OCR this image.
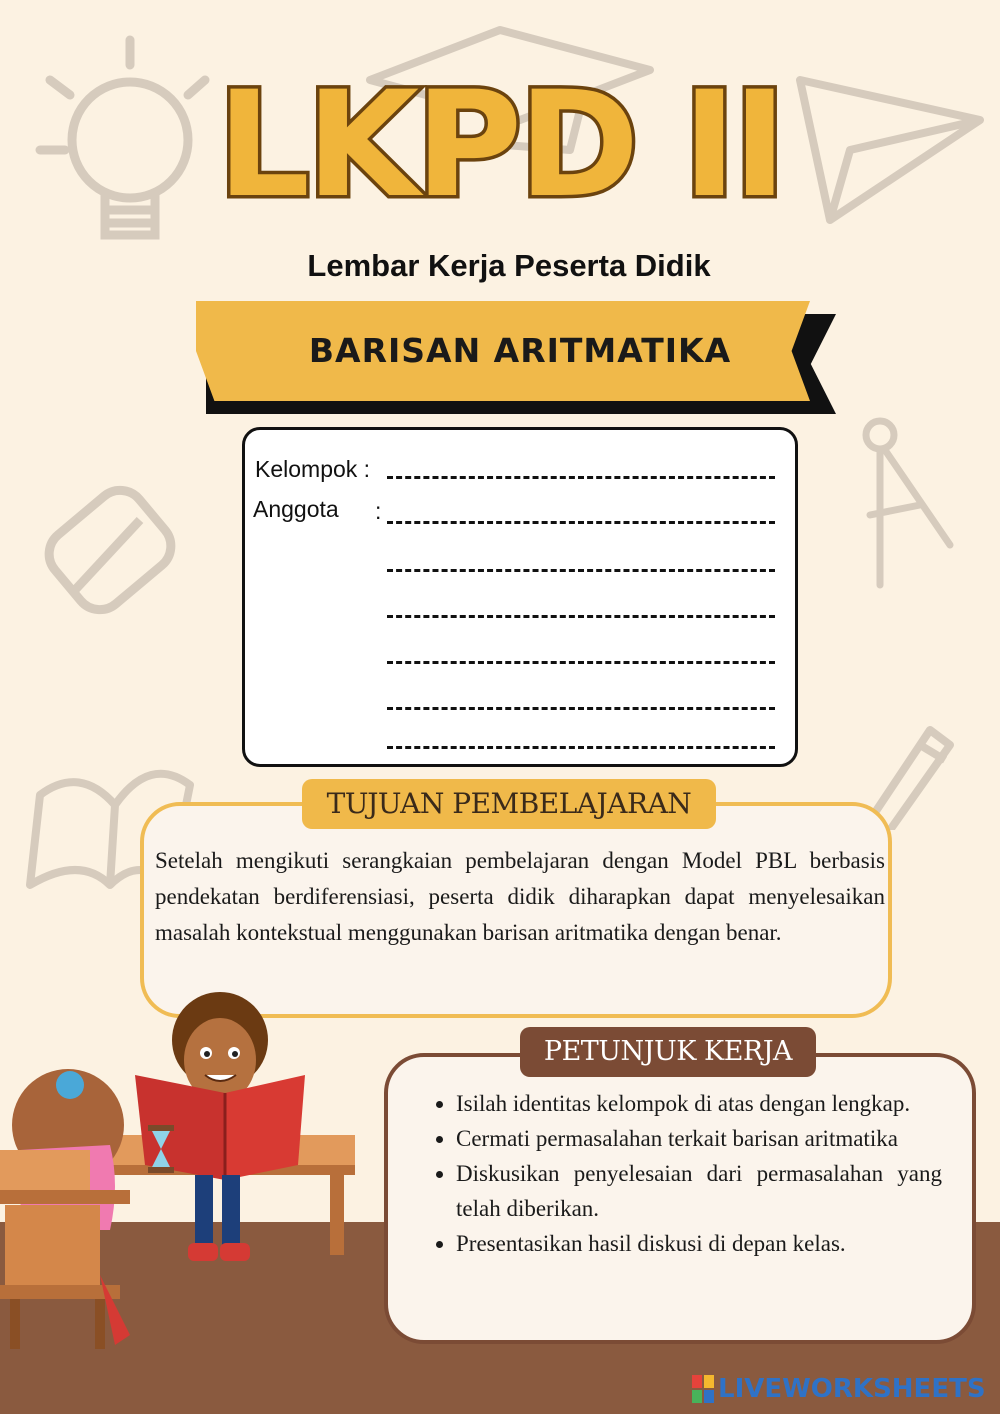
LKPD II
Lembar Kerja Peserta Didik
BARISAN ARITMATIKA
Kelompok :
Anggota :
TUJUAN PEMBELAJARAN
Setelah mengikuti serangkaian pembelajaran dengan Model PBL berbasis pendekatan berdiferensiasi, peserta didik diharapkan dapat menyelesaikan masalah kontekstual menggunakan barisan aritmatika dengan benar.
PETUNJUK KERJA
• Isilah identitas kelompok di atas dengan lengkap.
• Cermati permasalahan terkait barisan aritmatika
• Diskusikan penyelesaian dari permasalahan yang telah diberikan.
• Presentasikan hasil diskusi di depan kelas.
LIVEWORKSHEETS
